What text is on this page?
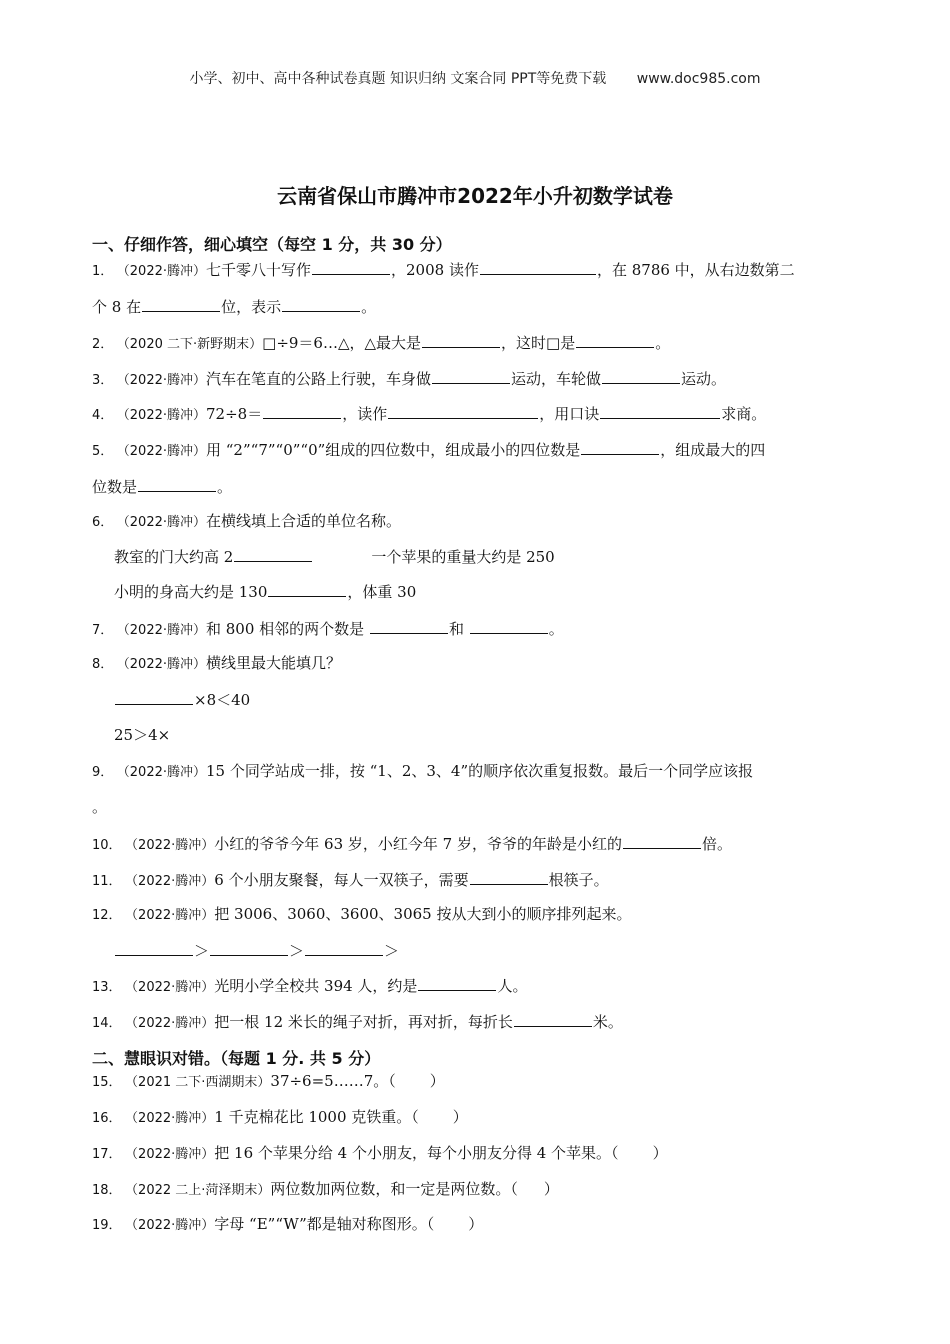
小学、初中、高中各种试卷真题 知识归纳 文案合同 PPT等免费下载 www.doc985.com
云南省保山市腾冲市2022年小升初数学试卷
一、仔细作答，细心填空（每空 1 分，共 30 分）
1． （2022·腾冲）七千零八十写作	，2008 读作	，在 8786 中，从右边数第二
个 8 在	位，表示	。
2． （2020 二下·新野期末）□÷9＝6…△，△最大是	，这时□是	。
3． （2022·腾冲）汽车在笔直的公路上行驶，车身做	运动，车轮做	运动。
4． （2022·腾冲）72÷8＝	，读作	，用口诀	求商。
5． （2022·腾冲）用 “2”“7”“0”“0”组成的四位数中，组成最小的四位数是	，组成最大的四
位数是	。
6． （2022·腾冲）在横线填上合适的单位名称。
教室的门大约高 2	一个苹果的重量大约是 250
小明的身高大约是 130	，体重 30
7． （2022·腾冲）和 800 相邻的两个数是	和	。
8． （2022·腾冲）横线里最大能填几？
×8＜40
25＞4×
9． （2022·腾冲）15 个同学站成一排，按 “1、2、3、4”的顺序依次重复报数。最后一个同学应该报
。
10． （2022·腾冲）小红的爷爷今年 63 岁，小红今年 7 岁，爷爷的年龄是小红的	倍。
11． （2022·腾冲）6 个小朋友聚餐，每人一双筷子，需要	根筷子。
12． （2022·腾冲）把 3006、3060、3600、3065 按从大到小的顺序排列起来。
＞	＞	＞
13． （2022·腾冲）光明小学全校共 394 人，约是	人。
14． （2022·腾冲）把一根 12 米长的绳子对折，再对折，每折长	米。
二、慧眼识对错。（每题 1 分. 共 5 分）
15． （2021 二下·西湖期末）37÷6=5……7。（ ）
16． （2022·腾冲）1 千克棉花比 1000 克铁重。（ ）
17． （2022·腾冲）把 16 个苹果分给 4 个小朋友，每个小朋友分得 4 个苹果。（ ）
18． （2022 二上·菏泽期末）两位数加两位数，和一定是两位数。（ ）
19． （2022·腾冲）字母 “E”“W”都是轴对称图形。（ ）
